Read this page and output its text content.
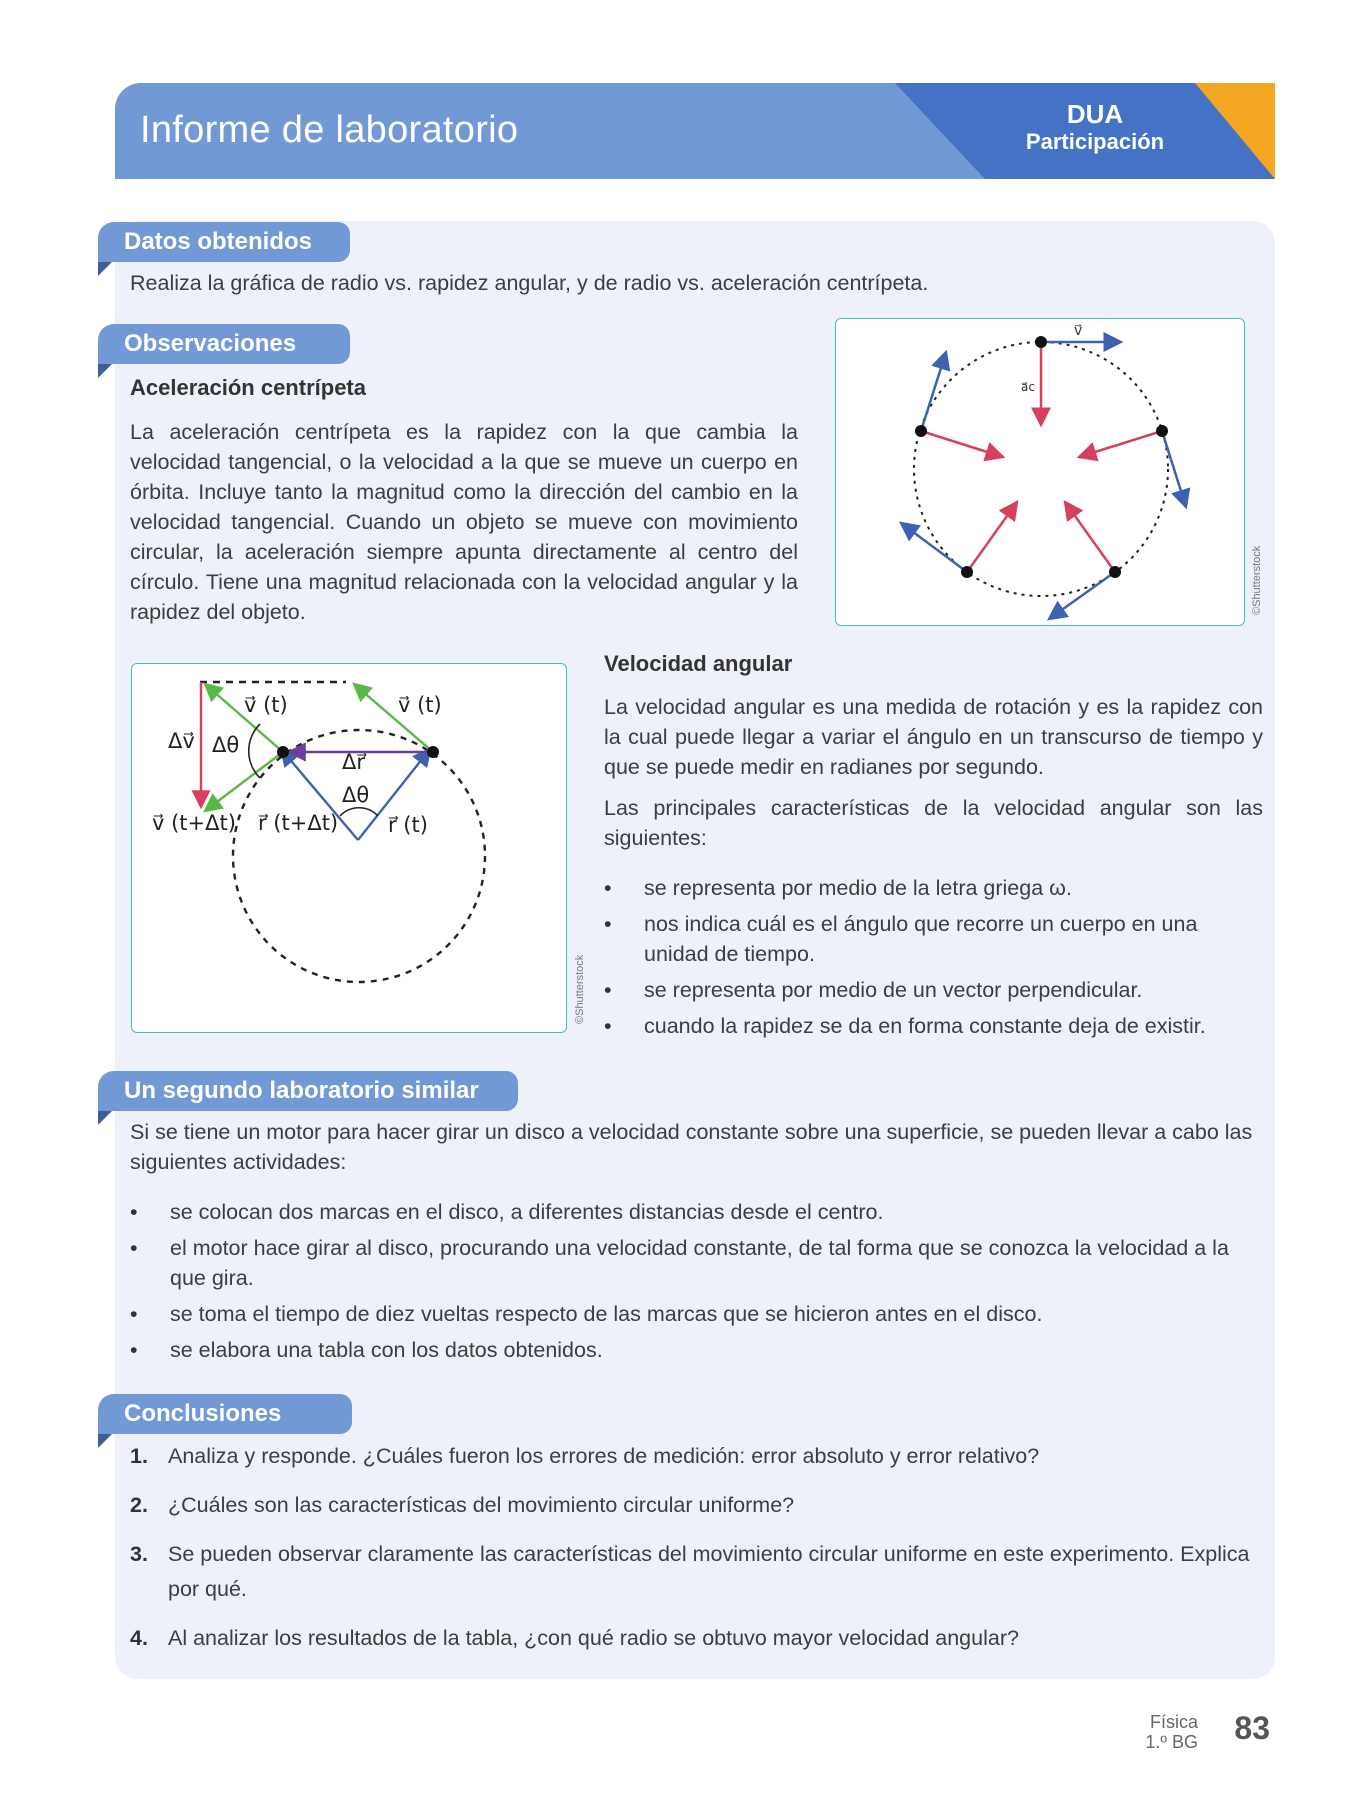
Informe de laboratorio	DUA
Participación
Datos obtenidos
Realiza la gráfica de radio vs. rapidez angular, y de radio vs. aceleración centrípeta.
Observaciones
Aceleración centrípeta
La aceleración centrípeta es la rapidez con la que cambia la velocidad tangencial, o la velocidad a la que se mueve un cuerpo en órbita. Incluye tanto la magnitud como la dirección del cambio en la velocidad tangencial. Cuando un objeto se mueve con movimiento circular, la aceleración siempre apunta directamente al centro del círculo. Tiene una magnitud relacionada con la velocidad angular y la rapidez del objeto.
v⃗
a⃗c
©Shutterstock
v⃗ (t)	v⃗ (t)
Δv⃗ Δθ
Δr⃗
Δθ
v⃗ (t+Δt) r⃗ (t+Δt) r⃗ (t)
©Shutterstock
Velocidad angular
La velocidad angular es una medida de rotación y es la rapidez con la cual puede llegar a variar el ángulo en un transcurso de tiempo y que se puede medir en radianes por segundo.
Las principales características de la velocidad angular son las siguientes:
• se representa por medio de la letra griega ω.
• nos indica cuál es el ángulo que recorre un cuerpo en una unidad de tiempo.
• se representa por medio de un vector perpendicular.
• cuando la rapidez se da en forma constante deja de existir.
Un segundo laboratorio similar
Si se tiene un motor para hacer girar un disco a velocidad constante sobre una superficie, se pueden llevar a cabo las siguientes actividades:
• se colocan dos marcas en el disco, a diferentes distancias desde el centro.
• el motor hace girar al disco, procurando una velocidad constante, de tal forma que se conozca la velocidad a la que gira.
• se toma el tiempo de diez vueltas respecto de las marcas que se hicieron antes en el disco.
• se elabora una tabla con los datos obtenidos.
Conclusiones
1. Analiza y responde. ¿Cuáles fueron los errores de medición: error absoluto y error relativo?
2. ¿Cuáles son las características del movimiento circular uniforme?
3. Se pueden observar claramente las características del movimiento circular uniforme en este experimento. Explica por qué.
4. Al analizar los resultados de la tabla, ¿con qué radio se obtuvo mayor velocidad angular?
Física
1.º BG 83
